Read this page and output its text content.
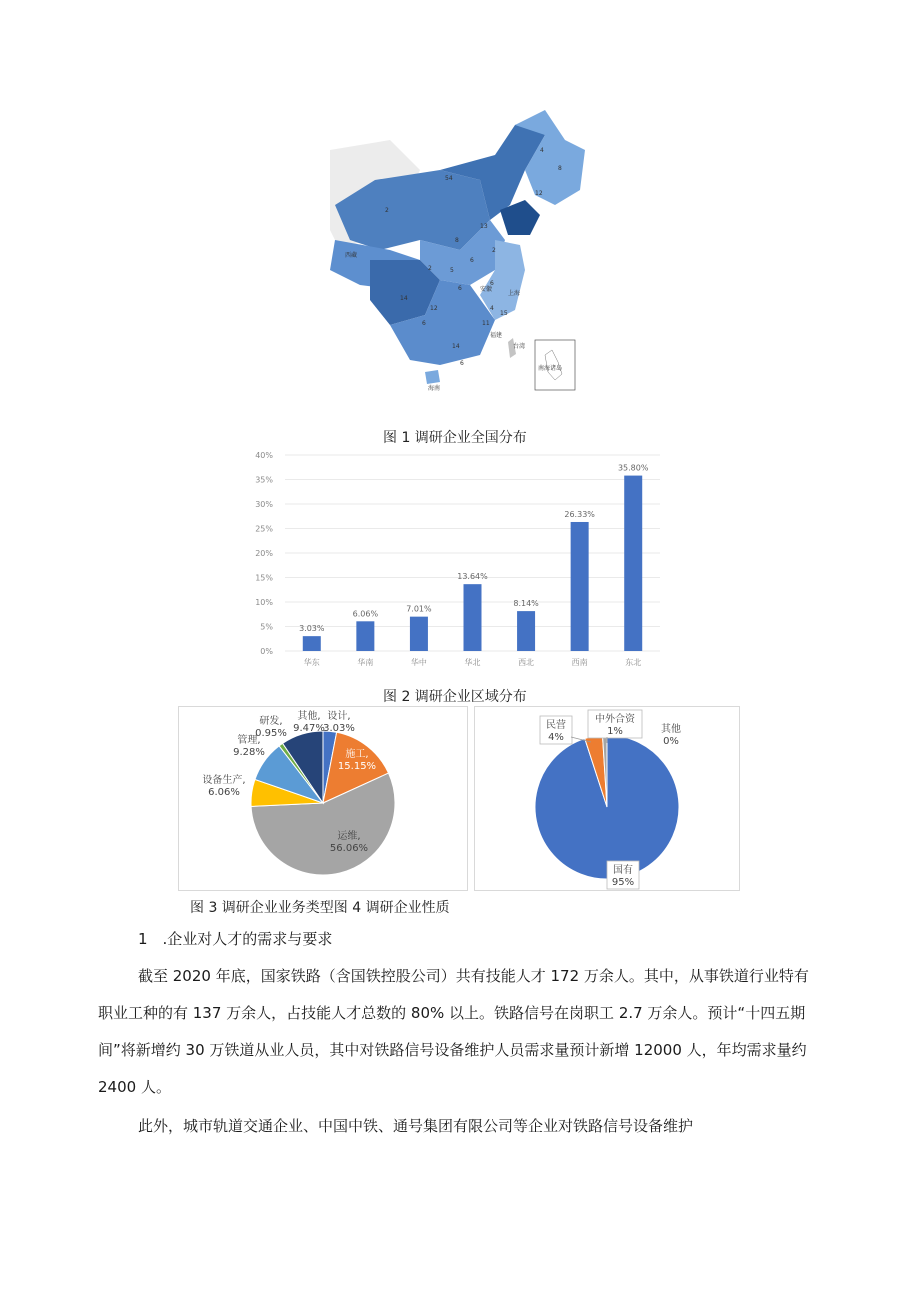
54
4
8
12
2
8
13
2
6
14
6
5
2
12
6
4
11
14
6
6
15
西藏
安徽
上海
台湾
福建
海南
南海诸岛
图 1 调研企业全国分布
0%
5%
10%
15%
20%
25%
30%
35%
40%
3.03%
华东
6.06%
华南
7.01%
华中
13.64%
华北
8.14%
西北
26.33%
西南
35.80%
东北
图 2 调研企业区域分布
设计,
3.03%
施工,
15.15%
运维,
56.06%
设备生产,
6.06%
管理,
9.28%
研发,
0.95%
其他,
9.47%
国有
95%
民营
4%
中外合资
1%	其他
0%
图 3 调研企业业务类型图 4 调研企业性质
1　.企业对人才的需求与要求
截至 2020 年底，国家铁路（含国铁控股公司）共有技能人才 172 万余人。其中，从事铁道行业特有
职业工种的有 137 万余人，占技能人才总数的 80% 以上。铁路信号在岗职工 2.7 万余人。预计“十四五期
间”将新增约 30 万铁道从业人员，其中对铁路信号设备维护人员需求量预计新增 12000 人，年均需求量约
2400 人。
此外，城市轨道交通企业、中国中铁、通号集团有限公司等企业对铁路信号设备维护
